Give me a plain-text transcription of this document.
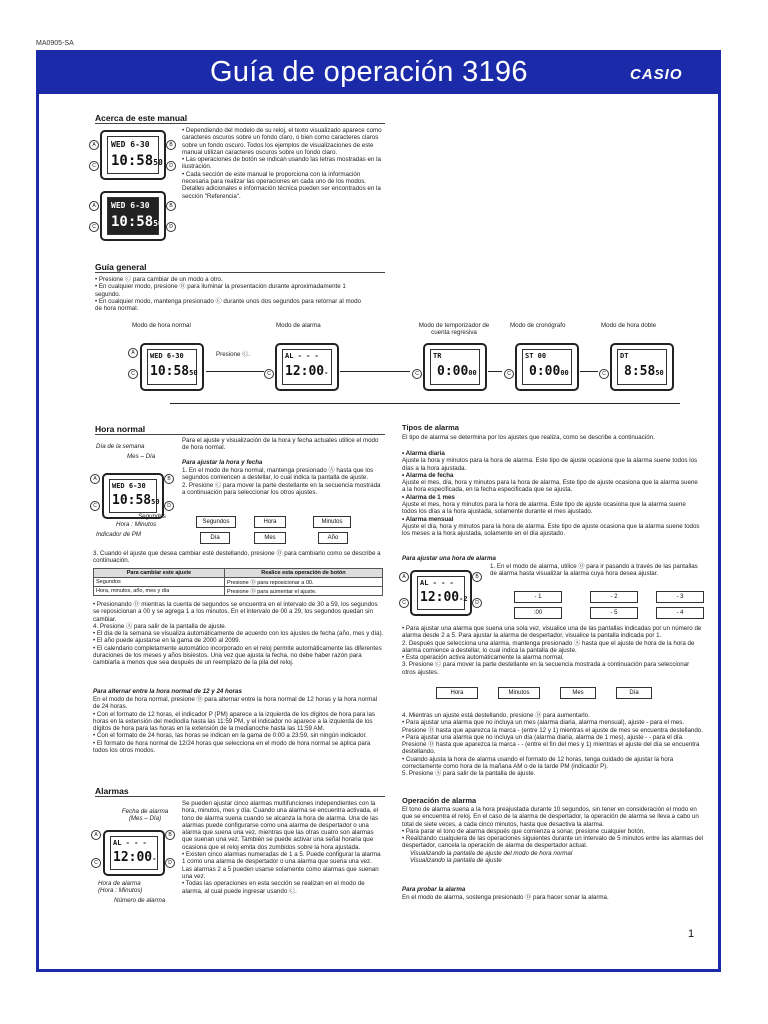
MA0905-SA
Guía de operación 3196	CASIO
Acerca de este manual
WED 6-30
10:5850
WED 6-30
10:5850
A
C
B
D
A
C
B
D
• Dependiendo del modelo de su reloj, el texto visualizado aparece como caracteres oscuros sobre un fondo claro, o bien como caracteres claros sobre un fondo oscuro. Todos los ejemplos de visualizaciones de este manual utilizan caracteres oscuros sobre un fondo claro.
• Las operaciones de botón se indican usando las letras mostradas en la ilustración.
• Cada sección de este manual le proporciona con la información necesaria para realizar las operaciones en cada uno de los modos. Detalles adicionales e información técnica pueden ser encontrados en la sección "Referencia".
Guía general
• Presione Ⓒ para cambiar de un modo a otro.
• En cualquier modo, presione Ⓑ para iluminar la presentación durante aproximadamente 1 segundo.
• En cualquier modo, mantenga presionado Ⓒ durante unos dos segundos para retornar al modo de hora normal.
Modo de hora normal	Modo de alarma	Modo de temporizador de cuenta regresiva
Modo de cronógrafo	Modo de hora doble
WED 6-30
10:5850
AL - - -
12:00-
TR
0:0000
ST 00
0:0000
DT
8:5850
A
C	C	C	C	C
Presione Ⓒ.
Hora normal
Día de la semana
Mes – Día
WED 6-30
10:5850
A
C
B
D
Segundos
Hora : Minutos
Indicador de PM
Para el ajuste y visualización de la hora y fecha actuales utilice el modo de hora normal.
Para ajustar la hora y fecha
1. En el modo de hora normal, mantenga presionado Ⓐ hasta que los segundos comiencen a destellar, lo cual indica la pantalla de ajuste.
2. Presione Ⓒ para mover la parte destellante en la secuencia mostrada a continuación para seleccionar los otros ajustes.
Segundos	Hora	Minutos
Día	Mes	Año
3. Cuando el ajuste que desea cambiar esté destellando, presione Ⓓ para cambiarlo como se describe a continuación.
Para cambiar este ajuste	Realice esta operación de botón
Segundos	Presione Ⓓ para reposicionar a 00.
Hora, minutos, año, mes y día	Presione Ⓓ para aumentar el ajuste.
• Presionando Ⓓ mientras la cuenta de segundos se encuentra en el intervalo de 30 a 59, los segundos se reposicionan a 00 y se agrega 1 a los minutos. En el intervalo de 00 a 29, los segundos quedan sin cambiar.
4. Presione Ⓐ para salir de la pantalla de ajuste.
• El día de la semana se visualiza automáticamente de acuerdo con los ajustes de fecha (año, mes y día).
• El año puede ajustarse en la gama de 2000 al 2099.
• El calendario completamente automático incorporado en el reloj permite automáticamente las diferentes duraciones de los meses y años bisiestos. Una vez que ajusta la fecha, no debe haber razón para cambiarla a menos que sea después de un reemplazo de la pila del reloj.
Para alternar entre la hora normal de 12 y 24 horas
En el modo de hora normal, presione Ⓓ para alternar entre la hora normal de 12 horas y la hora normal de 24 horas.
• Con el formato de 12 horas, el indicador P (PM) aparece a la izquierda de los dígitos de hora para las horas en la extensión del mediodía hasta las 11:59 PM, y el indicador no aparece a la izquierda de los dígitos de hora para las horas en la extensión de la medianoche hasta las 11:59 AM.
• Con el formato de 24 horas, las horas se indican en la gama de 0:00 a 23:59, sin ningún indicador.
• El formato de hora normal de 12/24 horas que selecciona en el modo de hora normal se aplica para todos los otros modos.
Alarmas
Fecha de alarma (Mes – Día)
AL - - -
12:00-
A
C
B
D
Hora de alarma (Hora : Minutos)
Número de alarma
Se pueden ajustar cinco alarmas multifunciones independientes con la hora, minutos, mes y día. Cuando una alarma se encuentra activada, el tono de alarma suena cuando se alcanza la hora de alarma. Una de las alarmas puede configurarse como una alarma de despertador o una alarma que suena una vez, mientras que las otras cuatro son alarmas que suenan una vez. También se puede activar una señal horaria que ocasiona que el reloj emita dos zumbidos sobre la hora ajustada.
• Existen cinco alarmas numeradas de 1 a 5. Puede configurar la alarma 1 como una alarma de despertador o una alarma que suena una vez. Las alarmas 2 a 5 pueden usarse solamente como alarmas que suenan una vez.
• Todas las operaciones en esta sección se realizan en el modo de alarma, al cual puede ingresar usando Ⓒ.
Tipos de alarma
El tipo de alarma se determina por los ajustes que realiza, como se describe a continuación.
• Alarma diaria
Ajuste la hora y minutos para la hora de alarma. Este tipo de ajuste ocasiona que la alarma suene todos los días a la hora ajustada.
• Alarma de fecha
Ajuste el mes, día, hora y minutos para la hora de alarma. Este tipo de ajuste ocasiona que la alarma suene a la hora especificada, en la fecha especificada que se ajusta.
• Alarma de 1 mes
Ajuste el mes, hora y minutos para la hora de alarma. Este tipo de ajuste ocasiona que la alarma suene todos los días a la hora ajustada, solamente durante el mes ajustado.
• Alarma mensual
Ajuste el día, hora y minutos para la hora de alarma. Este tipo de ajuste ocasiona que la alarma suene todos los meses a la hora ajustada, solamente en el día ajustado.
Para ajustar una hora de alarma
AL - - -
12:00-2
A
C
B
D
1. En el modo de alarma, utilice Ⓓ para ir pasando a través de las pantallas de alarma hasta visualizar la alarma cuya hora desea ajustar.
- 1	- 2	- 3
:00	- 5	- 4
• Para ajustar una alarma que suena una sola vez, visualice una de las pantallas indicadas por un número de alarma desde 2 a 5. Para ajustar la alarma de despertador, visualice la pantalla indicada por 1.
2. Después que selecciona una alarma, mantenga presionado Ⓐ hasta que el ajuste de hora de la hora de alarma comience a destellar, lo cual indica la pantalla de ajuste.
• Esta operación activa automáticamente la alarma normal.
3. Presione Ⓒ para mover la parte destellante en la secuencia mostrada a continuación para seleccionar otros ajustes.
Hora	Minutos	Mes	Día
4. Mientras un ajuste está destellando, presione Ⓓ para aumentarlo.
• Para ajustar una alarma que no incluya un mes (alarma diaria, alarma mensual), ajuste - para el mes. Presione Ⓓ hasta que aparezca la marca - (entre 12 y 1) mientras el ajuste de mes se encuentra destellando.
• Para ajustar una alarma que no incluya un día (alarma diaria, alarma de 1 mes), ajuste - - para el día. Presione Ⓓ hasta que aparezca la marca - - (entre el fin del mes y 1) mientras el ajuste del día se encuentra destellando.
• Cuando ajusta la hora de alarma usando el formato de 12 horas, tenga cuidado de ajustar la hora correctamente como hora de la mañana AM o de la tarde PM (indicador P).
5. Presione Ⓐ para salir de la pantalla de ajuste.
Operación de alarma
El tono de alarma suena a la hora preajustada durante 10 segundos, sin tener en consideración el modo en que se encuentra el reloj. En el caso de la alarma de despertador, la operación de alarma se lleva a cabo un total de siete veces, a cada cinco minutos, hasta que desactiva la alarma.
• Para parar el tono de alarma después que comienza a sonar, presione cualquier botón.
• Realizando cualquiera de las operaciones siguientes durante un intervalo de 5 minutos entre las alarmas del despertador, cancela la operación de alarma de despertador actual.
Visualizando la pantalla de ajuste del modo de hora normal
Visualizando la pantalla de ajuste
Para probar la alarma
En el modo de alarma, sostenga presionado Ⓓ para hacer sonar la alarma.
1
